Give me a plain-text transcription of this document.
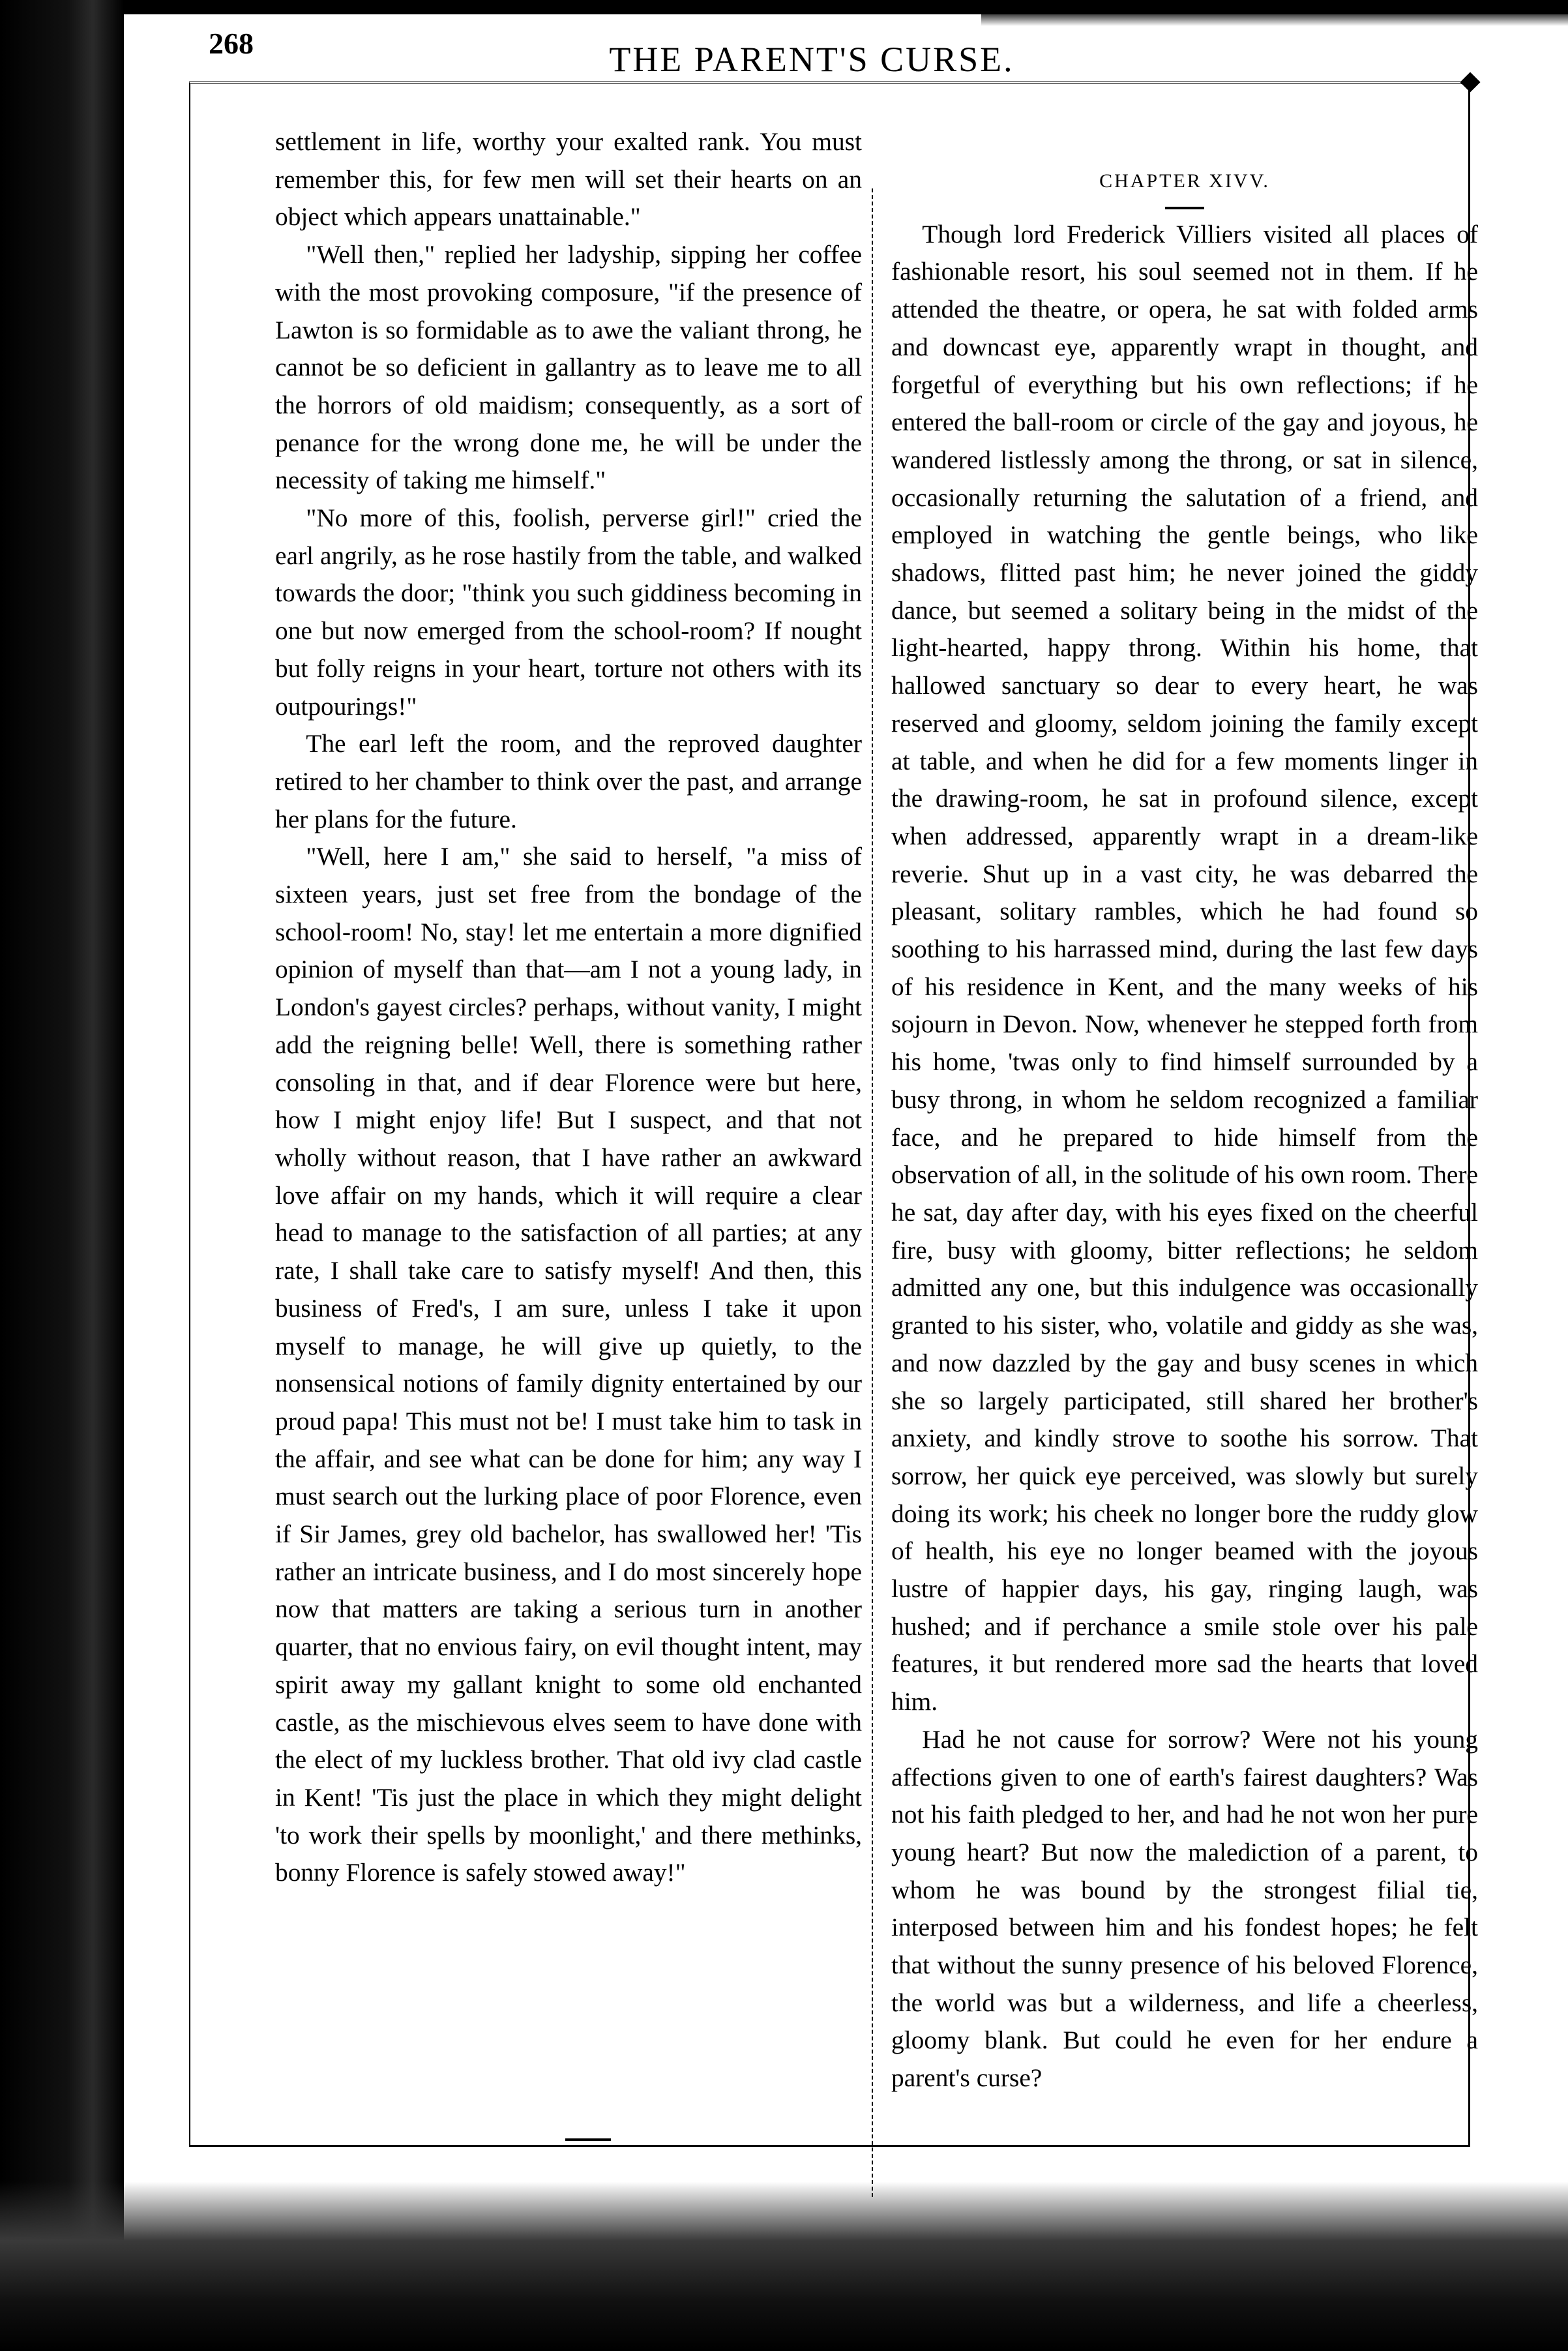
268	THE PARENT'S CURSE.

settlement in life, worthy your exalted rank. You must remember this, for few men will set their hearts on an object which appears unattainable."

"Well then," replied her ladyship, sipping her coffee with the most provoking composure, "if the presence of Lawton is so formidable as to awe the valiant throng, he cannot be so deficient in gallantry as to leave me to all the horrors of old maidism; consequently, as a sort of penance for the wrong done me, he will be under the necessity of taking me himself."

"No more of this, foolish, perverse girl!" cried the earl angrily, as he rose hastily from the table, and walked towards the door; "think you such giddiness becoming in one but now emerged from the school-room? If nought but folly reigns in your heart, torture not others with its outpourings!"

The earl left the room, and the reproved daughter retired to her chamber to think over the past, and arrange her plans for the future.

"Well, here I am," she said to herself, "a miss of sixteen years, just set free from the bondage of the school-room! No, stay! let me entertain a more dignified opinion of myself than that—am I not a young lady, in London's gayest circles? perhaps, without vanity, I might add the reigning belle! Well, there is something rather consoling in that, and if dear Florence were but here, how I might enjoy life! But I suspect, and that not wholly without reason, that I have rather an awkward love affair on my hands, which it will require a clear head to manage to the satisfaction of all parties; at any rate, I shall take care to satisfy myself! And then, this business of Fred's, I am sure, unless I take it upon myself to manage, he will give up quietly, to the nonsensical notions of family dignity entertained by our proud papa! This must not be! I must take him to task in the affair, and see what can be done for him; any way I must search out the lurking place of poor Florence, even if Sir James, grey old bachelor, has swallowed her! 'Tis rather an intricate business, and I do most sincerely hope now that matters are taking a serious turn in another quarter, that no envious fairy, on evil thought intent, may spirit away my gallant knight to some old enchanted castle, as the mischievous elves seem to have done with the elect of my luckless brother. That old ivy clad castle in Kent! 'Tis just the place in which they might delight 'to work their spells by moonlight,' and there methinks, bonny Florence is safely stowed away!"

CHAPTER XIVV.

Though lord Frederick Villiers visited all places of fashionable resort, his soul seemed not in them. If he attended the theatre, or opera, he sat with folded arms and downcast eye, apparently wrapt in thought, and forgetful of everything but his own reflections; if he entered the ball-room or circle of the gay and joyous, he wandered listlessly among the throng, or sat in silence, occasionally returning the salutation of a friend, and employed in watching the gentle beings, who like shadows, flitted past him; he never joined the giddy dance, but seemed a solitary being in the midst of the light-hearted, happy throng. Within his home, that hallowed sanctuary so dear to every heart, he was reserved and gloomy, seldom joining the family except at table, and when he did for a few moments linger in the drawing-room, he sat in profound silence, except when addressed, apparently wrapt in a dream-like reverie. Shut up in a vast city, he was debarred the pleasant, solitary rambles, which he had found so soothing to his harrassed mind, during the last few days of his residence in Kent, and the many weeks of his sojourn in Devon. Now, whenever he stepped forth from his home, 'twas only to find himself surrounded by a busy throng, in whom he seldom recognized a familiar face, and he prepared to hide himself from the observation of all, in the solitude of his own room. There he sat, day after day, with his eyes fixed on the cheerful fire, busy with gloomy, bitter reflections; he seldom admitted any one, but this indulgence was occasionally granted to his sister, who, volatile and giddy as she was, and now dazzled by the gay and busy scenes in which she so largely participated, still shared her brother's anxiety, and kindly strove to soothe his sorrow. That sorrow, her quick eye perceived, was slowly but surely doing its work; his cheek no longer bore the ruddy glow of health, his eye no longer beamed with the joyous lustre of happier days, his gay, ringing laugh, was hushed; and if perchance a smile stole over his pale features, it but rendered more sad the hearts that loved him.

Had he not cause for sorrow? Were not his young affections given to one of earth's fairest daughters? Was not his faith pledged to her, and had he not won her pure young heart? But now the malediction of a parent, to whom he was bound by the strongest filial tie, interposed between him and his fondest hopes; he felt that without the sunny presence of his beloved Florence, the world was but a wilderness, and life a cheerless, gloomy blank. But could he even for her endure a parent's curse?
